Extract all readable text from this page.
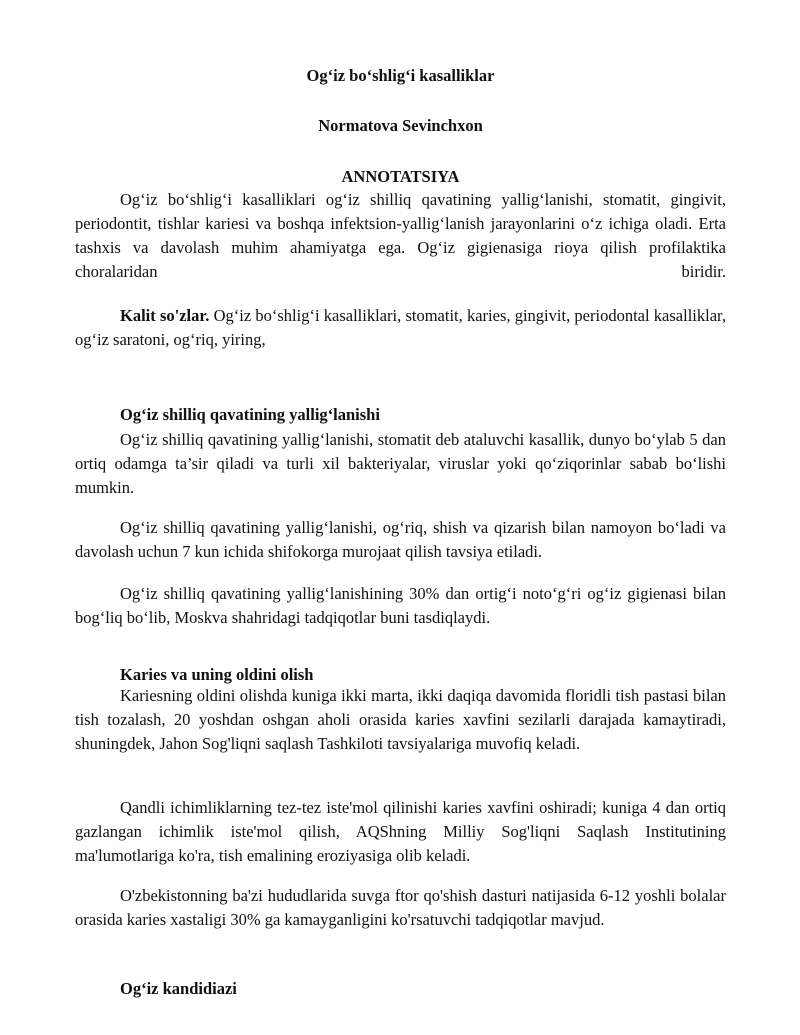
Og‘iz bo‘shlig‘i kasalliklar
Normatova Sevinchxon
ANNOTATSIYA

Og‘iz bo‘shlig‘i kasalliklari og‘iz shilliq qavatining yallig‘lanishi, stomatit, gingivit, periodontit, tishlar kariesi va boshqa infektsion-yallig‘lanish jarayonlarini o‘z ichiga oladi. Erta tashxis va davolash muhim ahamiyatga ega. Og‘iz gigienasiga rioya qilish profilaktika choralaridan biridir.

Kalit so'zlar. Og‘iz bo‘shlig‘i kasalliklari, stomatit, karies, gingivit, periodontal kasalliklar, og‘iz saratoni, og‘riq, yiring,

Og‘iz shilliq qavatining yallig‘lanishi

Og‘iz shilliq qavatining yallig‘lanishi, stomatit deb ataluvchi kasallik, dunyo bo‘ylab 5 dan ortiq odamga ta’sir qiladi va turli xil bakteriyalar, viruslar yoki qo‘ziqorinlar sabab bo‘lishi mumkin.

Og‘iz shilliq qavatining yallig‘lanishi, og‘riq, shish va qizarish bilan namoyon bo‘ladi va davolash uchun 7 kun ichida shifokorga murojaat qilish tavsiya etiladi.

Og‘iz shilliq qavatining yallig‘lanishining 30% dan ortig‘i noto‘g‘ri og‘iz gigienasi bilan bog‘liq bo‘lib, Moskva shahridagi tadqiqotlar buni tasdiqlaydi.

Karies va uning oldini olish

Kariesning oldini olishda kuniga ikki marta, ikki daqiqa davomida floridli tish pastasi bilan tish tozalash, 20 yoshdan oshgan aholi orasida karies xavfini sezilarli darajada kamaytiradi, shuningdek, Jahon Sog'liqni saqlash Tashkiloti tavsiyalariga muvofiq keladi.

Qandli ichimliklarning tez-tez iste'mol qilinishi karies xavfini oshiradi; kuniga 4 dan ortiq gazlangan ichimlik iste'mol qilish, AQShning Milliy Sog'liqni Saqlash Institutining ma'lumotlariga ko'ra, tish emalining eroziyasiga olib keladi.

O'zbekistonning ba'zi hududlarida suvga ftor qo'shish dasturi natijasida 6-12 yoshli bolalar orasida karies xastaligi 30% ga kamayganligini ko'rsatuvchi tadqiqotlar mavjud.

Og‘iz kandidiazi
